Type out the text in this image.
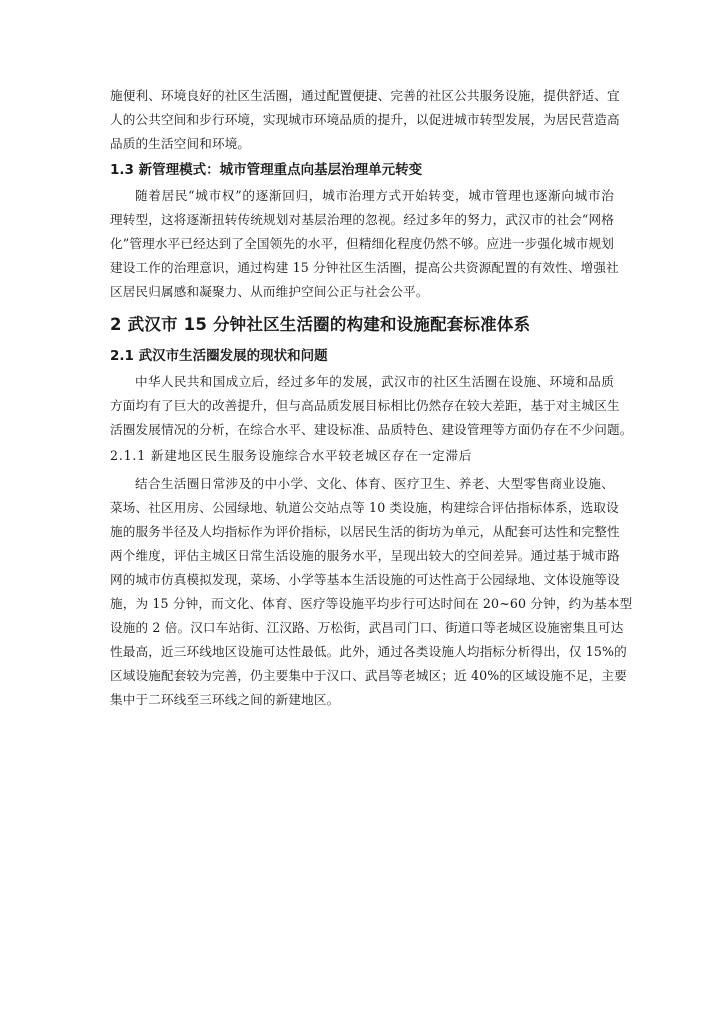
施便利、环境良好的社区生活圈，通过配置便捷、完善的社区公共服务设施，提供舒适、宜
人的公共空间和步行环境，实现城市环境品质的提升，以促进城市转型发展，为居民营造高
品质的生活空间和环境。
1.3 新管理模式：城市管理重点向基层治理单元转变
随着居民“城市权”的逐渐回归，城市治理方式开始转变，城市管理也逐渐向城市治
理转型，这将逐渐扭转传统规划对基层治理的忽视。经过多年的努力，武汉市的社会“网格
化”管理水平已经达到了全国领先的水平，但精细化程度仍然不够。应进一步强化城市规划
建设工作的治理意识，通过构建 15 分钟社区生活圈，提高公共资源配置的有效性、增强社
区居民归属感和凝聚力、从而维护空间公正与社会公平。
2 武汉市 15 分钟社区生活圈的构建和设施配套标准体系
2.1 武汉市生活圈发展的现状和问题
中华人民共和国成立后，经过多年的发展，武汉市的社区生活圈在设施、环境和品质
方面均有了巨大的改善提升，但与高品质发展目标相比仍然存在较大差距，基于对主城区生
活圈发展情况的分析，在综合水平、建设标准、品质特色、建设管理等方面仍存在不少问题。
2.1.1 新建地区民生服务设施综合水平较老城区存在一定滞后
结合生活圈日常涉及的中小学、文化、体育、医疗卫生、养老、大型零售商业设施、
菜场、社区用房、公园绿地、轨道公交站点等 10 类设施，构建综合评估指标体系，选取设
施的服务半径及人均指标作为评价指标，以居民生活的街坊为单元，从配套可达性和完整性
两个维度，评估主城区日常生活设施的服务水平，呈现出较大的空间差异。通过基于城市路
网的城市仿真模拟发现，菜场、小学等基本生活设施的可达性高于公园绿地、文体设施等设
施，为 15 分钟，而文化、体育、医疗等设施平均步行可达时间在 20~60 分钟，约为基本型
设施的 2 倍。汉口车站街、江汉路、万松街，武昌司门口、街道口等老城区设施密集且可达
性最高，近三环线地区设施可达性最低。此外，通过各类设施人均指标分析得出，仅 15%的
区域设施配套较为完善，仍主要集中于汉口、武昌等老城区；近 40%的区域设施不足，主要
集中于二环线至三环线之间的新建地区。
